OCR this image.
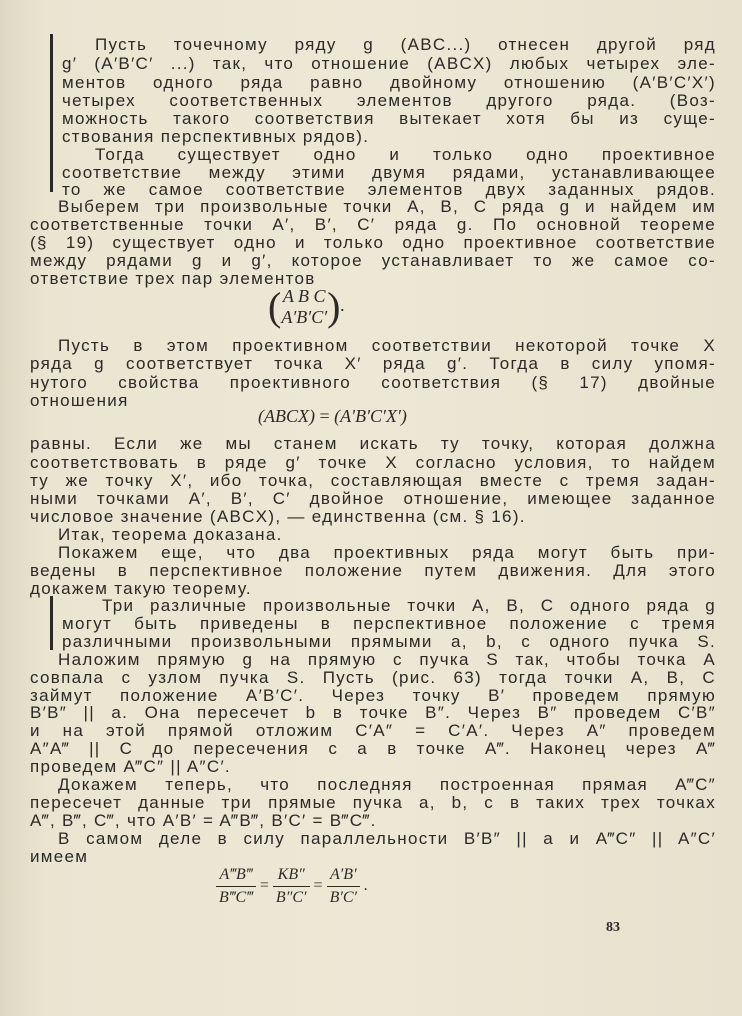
Пусть точечному ряду g (ABC...) отнесен другой ряд
g′ (A′B′C′ ...) так, что отношение (ABCX) любых четырех эле-
ментов одного ряда равно двойному отношению (A′B′C′X′)
четырех соответственных элементов другого ряда. (Воз-
можность такого соответствия вытекает хотя бы из суще-
ствования перспективных рядов).
Тогда существует одно и только одно проективное
соответствие между этими двумя рядами, устанавливающее
то же самое соответствие элементов двух заданных рядов.
Выберем три произвольные точки A, B, C ряда g и найдем им
соответственные точки A′, B′, C′ ряда g. По основной теореме
(§ 19) существует одно и только одно проективное соответствие
между рядами g и g′, которое устанавливает то же самое со-
ответствие трех пар элементов
Пусть в этом проективном соответствии некоторой точке X
ряда g соответствует точка X′ ряда g′. Тогда в силу упомя-
нутого свойства проективного соответствия (§ 17) двойные
отношения
равны. Если же мы станем искать ту точку, которая должна
соответствовать в ряде g′ точке X согласно условия, то найдем
ту же точку X′, ибо точка, составляющая вместе с тремя задан-
ными точками A′, B′, C′ двойное отношение, имеющее заданное
числовое значение (ABCX), — единственна (см. § 16).
Итак, теорема доказана.
Покажем еще, что два проективных ряда могут быть при-
ведены в перспективное положение путем движения. Для этого
докажем такую теорему.
Три различные произвольные точки A, B, C одного ряда g
могут быть приведены в перспективное положение с тремя
различными произвольными прямыми a, b, c одного пучка S.
Наложим прямую g на прямую c пучка S так, чтобы точка A
совпала с узлом пучка S. Пусть (рис. 63) тогда точки A, B, C
займут положение A′B′C′. Через точку B′ проведем прямую
B′B″ || a. Она пересечет b в точке B″. Через B″ проведем C′B″
и на этой прямой отложим C′A″ = C′A′. Через A″ проведем
A″A‴ || C до пересечения с a в точке A‴. Наконец через A‴
проведем A‴C″ || A″C′.
Докажем теперь, что последняя построенная прямая A‴C″
пересечет данные три прямые пучка a, b, c в таких трех точках
A‴, B‴, C‴, что A′B′ = A‴B‴, B′C′ = B‴C‴.
В самом деле в силу параллельности B′B″ || a и A‴C″ || A″C′
имеем
( A B C
A′B′C′ ).
(ABCX) = (A′B′C′X′)
$\frac{A‴B‴}{B‴C‴} = \frac{KB''}{B''C'} = \frac{A'B'}{B'C'}$ .
83
